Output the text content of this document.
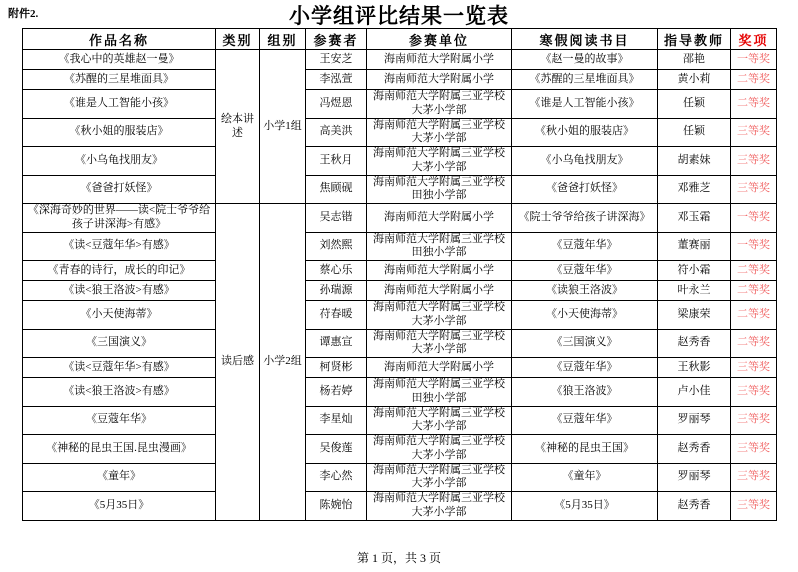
附件2.	小学组评比结果一览表
作品名称	类别	组别	参赛者	参赛单位	寒假阅读书目	指导教师	奖项
《我心中的英雄赵一曼》	绘本讲述	小学1组	王安芝	海南师范大学附属小学	《赵一曼的故事》	邵艳	一等奖
《苏醒的三星堆面具》			李泓萱	海南师范大学附属小学	《苏醒的三星堆面具》	黄小莉	二等奖
《谁是人工智能小孩》			冯煜恩	海南师范大学附属三亚学校大茅小学部	《谁是人工智能小孩》	任颖	二等奖
《秋小姐的服装店》			高美洪	海南师范大学附属三亚学校大茅小学部	《秋小姐的服装店》	任颖	三等奖
《小乌龟找朋友》			王秋月	海南师范大学附属三亚学校大茅小学部	《小乌龟找朋友》	胡素妹	三等奖
《爸爸打妖怪》			焦顾砚	海南师范大学附属三亚学校田独小学部	《爸爸打妖怪》	邓雅芝	三等奖
《深海奇妙的世界——读<院士爷爷给孩子讲深海>有感》	读后感	小学2组	吴志锴	海南师范大学附属小学	《院士爷爷给孩子讲深海》	邓玉霜	一等奖
《读<豆蔻年华>有感》			刘然熙	海南师范大学附属三亚学校田独小学部	《豆蔻年华》	董赛丽	一等奖
《青春的诗行，成长的印记》			蔡心乐	海南师范大学附属小学	《豆蔻年华》	符小霜	二等奖
《读<狼王洛波>有感》			孙瑞源	海南师范大学附属小学	《读狼王洛波》	叶永兰	二等奖
《小天使海蒂》			苻春暖	海南师范大学附属三亚学校大茅小学部	《小天使海蒂》	梁康荣	二等奖
《三国演义》			谭惠宣	海南师范大学附属三亚学校大茅小学部	《三国演义》	赵秀香	二等奖
《读<豆蔻年华>有感》			柯贤彬	海南师范大学附属小学	《豆蔻年华》	王秋影	三等奖
《读<狼王洛波>有感》			杨若婷	海南师范大学附属三亚学校田独小学部	《狼王洛波》	卢小佳	三等奖
《豆蔻年华》			李星灿	海南师范大学附属三亚学校大茅小学部	《豆蔻年华》	罗丽琴	三等奖
《神秘的昆虫王国.昆虫漫画》			吴俊莲	海南师范大学附属三亚学校大茅小学部	《神秘的昆虫王国》	赵秀香	三等奖
《童年》			李心然	海南师范大学附属三亚学校大茅小学部	《童年》	罗丽琴	三等奖
《5月35日》			陈婉怡	海南师范大学附属三亚学校大茅小学部	《5月35日》	赵秀香	三等奖
第 1 页，共 3 页
